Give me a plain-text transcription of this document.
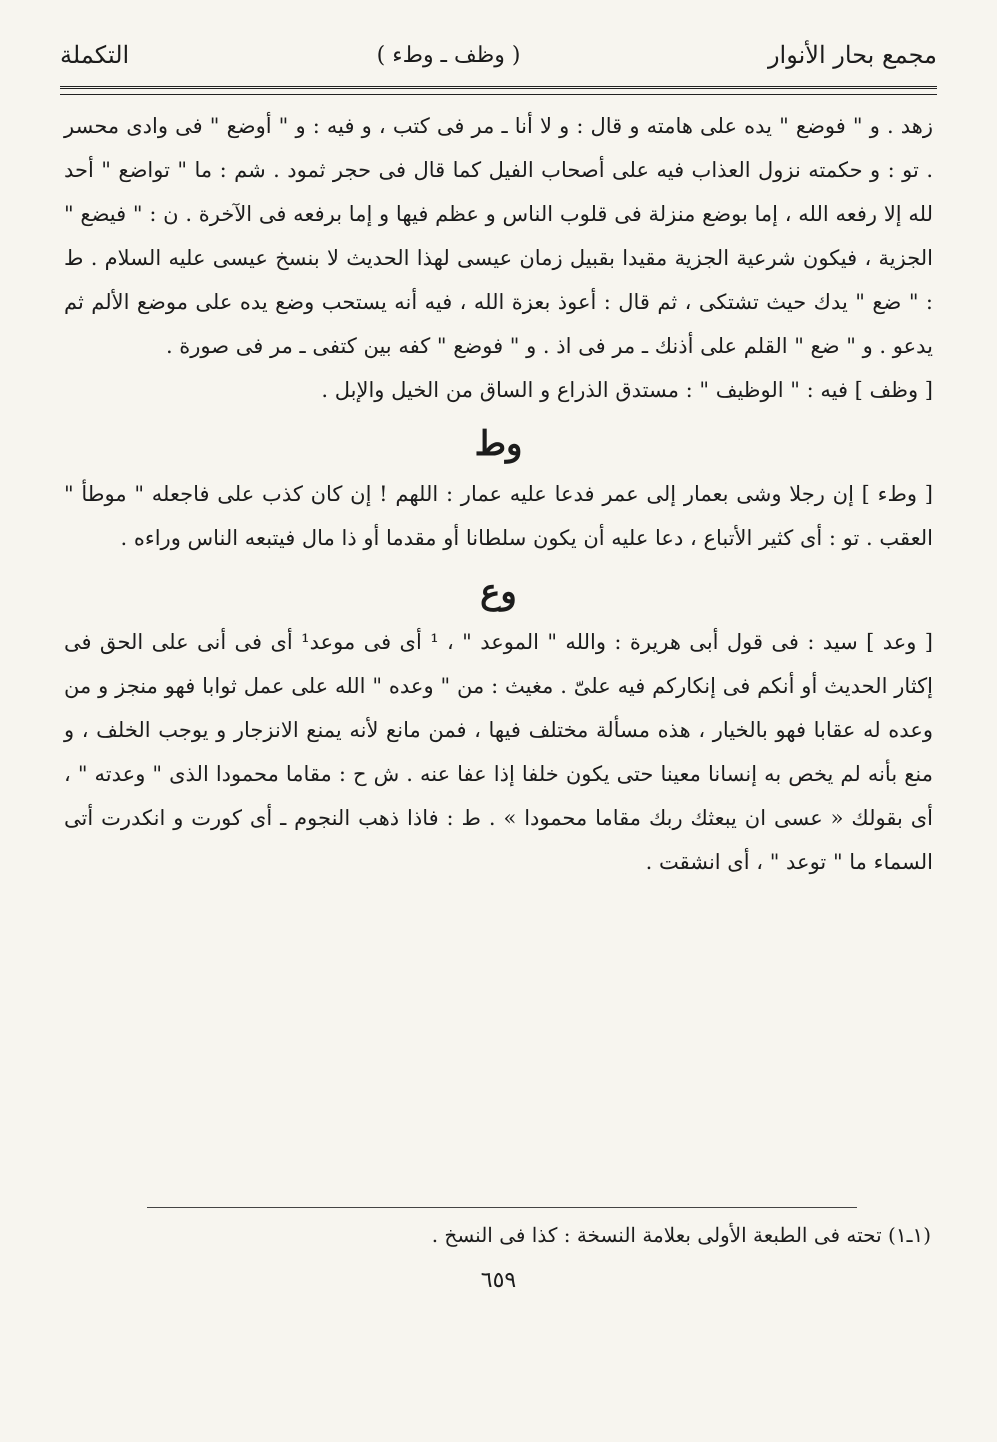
مجمع بحار الأنوار
( وظف ـ وطء )
التكملة

زهد . و " فوضع " يده على هامته و قال : و لا أنا ـ مر فى كتب ، و فيه : و " أوضع " فى وادى محسر . تو : و حكمته نزول العذاب فيه على أصحاب الفيل كما قال فى حجر ثمود . شم : ما " تواضع " أحد لله إلا رفعه الله ، إما بوضع منزلة فى قلوب الناس و عظم فيها و إما برفعه فى الآخرة . ن : " فيضع " الجزية ، فيكون شرعية الجزية مقيدا بقبيل زمان عيسى لهذا الحديث لا بنسخ عيسى عليه السلام . ط : " ضع " يدك حيث تشتكى ، ثم قال : أعوذ بعزة الله ، فيه أنه يستحب وضع يده على موضع الألم ثم يدعو . و " ضع " القلم على أذنك ـ مر فى اذ . و " فوضع " كفه بين كتفى ـ مر فى صورة .

[ وظف ] فيه : " الوظيف " : مستدق الذراع و الساق من الخيل والإبل .

وط

[ وطء ] إن رجلا وشى بعمار إلى عمر فدعا عليه عمار : اللهم ! إن كان كذب على فاجعله " موطأ " العقب . تو : أى كثير الأتباع ، دعا عليه أن يكون سلطانا أو مقدما أو ذا مال فيتبعه الناس وراءه .

وع

[ وعد ] سيد : فى قول أبى هريرة : والله " الموعد " ، ¹ أى فى موعد¹ أى فى أنى على الحق فى إكثار الحديث أو أنكم فى إنكاركم فيه علىّ . مغيث : من " وعده " الله على عمل ثوابا فهو منجز و من وعده له عقابا فهو بالخيار ، هذه مسألة مختلف فيها ، فمن مانع لأنه يمنع الانزجار و يوجب الخلف ، و منع بأنه لم يخص به إنسانا معينا حتى يكون خلفا إذا عفا عنه . ش ح : مقاما محمودا الذى " وعدته " ، أى بقولك « عسى ان يبعثك ربك مقاما محمودا » . ط : فاذا ذهب النجوم ـ أى كورت و انكدرت أتى السماء ما " توعد " ، أى انشقت .

(١ـ١) تحته فى الطبعة الأولى بعلامة النسخة : كذا فى النسخ .
٦٥٩
